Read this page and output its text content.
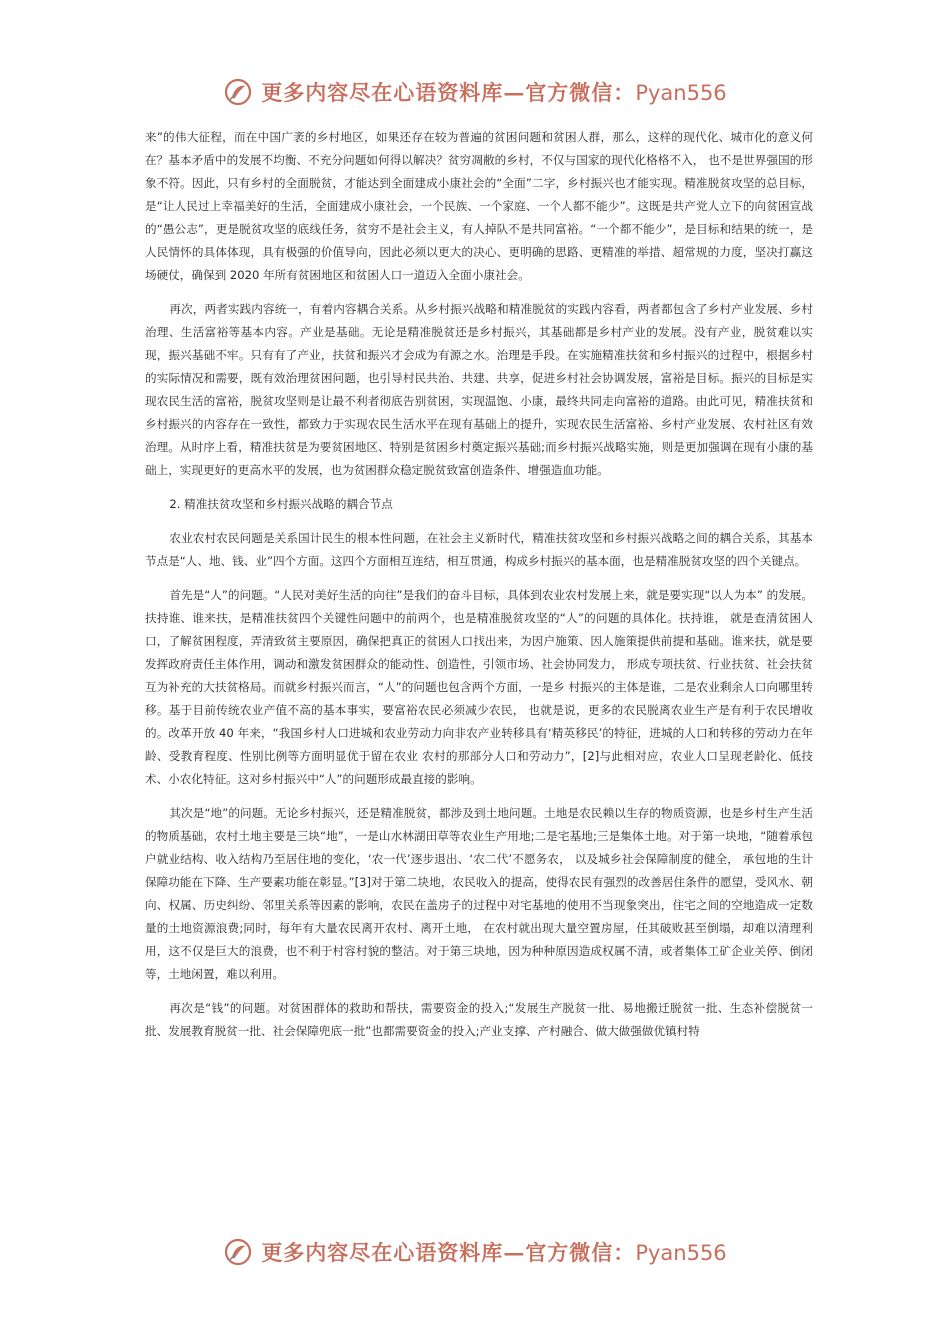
更多内容尽在心语资料库—官方微信：Pyan556

来”的伟大征程，而在中国广袤的乡村地区，如果还存在较为普遍的贫困问题和贫困人群，那么，这样的现代化、城市化的意义何在？基本矛盾中的发展不均衡、不充分问题如何得以解决？贫穷凋敝的乡村，不仅与国家的现代化格格不入， 也不是世界强国的形象不符。因此，只有乡村的全面脱贫，才能达到全面建成小康社会的“全面”二字，乡村振兴也才能实现。精准脱贫攻坚的总目标，是“让人民过上幸福美好的生活，全面建成小康社会，一个民族、一个家庭、一个人都不能少”。这既是共产党人立下的向贫困宣战的“愚公志”，更是脱贫攻坚的底线任务，贫穷不是社会主义，有人掉队不是共同富裕。“一个都不能少”，是目标和结果的统一，是人民情怀的具体体现，具有极强的价值导向，因此必须以更大的决心、更明确的思路、更精准的举措、超常规的力度，坚决打赢这场硬仗，确保到 2020 年所有贫困地区和贫困人口一道迈入全面小康社会。

再次，两者实践内容统一，有着内容耦合关系。从乡村振兴战略和精准脱贫的实践内容看，两者都包含了乡村产业发展、乡村治理、生活富裕等基本内容。产业是基础。无论是精准脱贫还是乡村振兴，其基础都是乡村产业的发展。没有产业，脱贫难以实现，振兴基础不牢。只有有了产业，扶贫和振兴才会成为有源之水。治理是手段。在实施精准扶贫和乡村振兴的过程中，根据乡村的实际情况和需要，既有效治理贫困问题，也引导村民共治、共建、共享，促进乡村社会协调发展，富裕是目标。振兴的目标是实现农民生活的富裕，脱贫攻坚则是让最不利者彻底告别贫困，实现温饱、小康，最终共同走向富裕的道路。由此可见，精准扶贫和乡村振兴的内容存在一致性，都致力于实现农民生活水平在现有基础上的提升，实现农民生活富裕、乡村产业发展、农村社区有效治理。从时序上看，精准扶贫是为要贫困地区、特别是贫困乡村奠定振兴基础;而乡村振兴战略实施，则是更加强调在现有小康的基础上，实现更好的更高水平的发展，也为贫困群众稳定脱贫致富创造条件、增强造血功能。

2. 精准扶贫攻坚和乡村振兴战略的耦合节点

农业农村农民问题是关系国计民生的根本性问题，在社会主义新时代，精准扶贫攻坚和乡村振兴战略之间的耦合关系，其基本节点是“人、地、钱、业”四个方面。这四个方面相互连结，相互贯通，构成乡村振兴的基本面，也是精准脱贫攻坚的四个关键点。

首先是“人”的问题。“人民对美好生活的向往”是我们的奋斗目标，具体到农业农村发展上来，就是要实现“以人为本” 的发展。扶持谁、谁来扶，是精准扶贫四个关键性问题中的前两个，也是精准脱贫攻坚的“人”的问题的具体化。扶持谁， 就是查清贫困人口，了解贫困程度，弄清致贫主要原因，确保把真正的贫困人口找出来，为因户施策、因人施策提供前提和基础。谁来扶，就是要发挥政府责任主体作用，调动和激发贫困群众的能动性、创造性，引领市场、社会协同发力， 形成专项扶贫、行业扶贫、社会扶贫互为补充的大扶贫格局。而就乡村振兴而言，“人”的问题也包含两个方面，一是乡 村振兴的主体是谁，二是农业剩余人口向哪里转移。基于目前传统农业产值不高的基本事实，要富裕农民必须减少农民， 也就是说，更多的农民脱离农业生产是有利于农民增收的。改革开放 40 年来，“我国乡村人口进城和农业劳动力向非农产业转移具有‘精英移民’的特征，进城的人口和转移的劳动力在年龄、受教育程度、性别比例等方面明显优于留在农业 农村的那部分人口和劳动力”，[2]与此相对应，农业人口呈现老龄化、低技术、小农化特征。这对乡村振兴中“人”的问题形成最直接的影响。

其次是“地”的问题。无论乡村振兴，还是精准脱贫，都涉及到土地问题。土地是农民赖以生存的物质资源，也是乡村生产生活的物质基础，农村土地主要是三块“地”，一是山水林湖田草等农业生产用地;二是宅基地;三是集体土地。对于第一块地，“随着承包户就业结构、收入结构乃至居住地的变化，‘农一代’逐步退出、‘农二代’不愿务农， 以及城乡社会保障制度的健全， 承包地的生计保障功能在下降、生产要素功能在彰显。”[3]对于第二块地，农民收入的提高，使得农民有强烈的改善居住条件的愿望，受风水、朝向、权属、历史纠纷、邻里关系等因素的影响，农民在盖房子的过程中对宅基地的使用不当现象突出，住宅之间的空地造成一定数量的土地资源浪费;同时，每年有大量农民离开农村、离开土地， 在农村就出现大量空置房屋，任其破败甚至倒塌，却难以清理利用，这不仅是巨大的浪费，也不利于村容村貌的整洁。对于第三块地，因为种种原因造成权属不清，或者集体工矿企业关停、倒闭等，土地闲置，难以利用。

再次是“钱”的问题。对贫困群体的救助和帮扶，需要资金的投入;“发展生产脱贫一批、易地搬迁脱贫一批、生态补偿脱贫一批、发展教育脱贫一批、社会保障兜底一批”也都需要资金的投入;产业支撑、产村融合、做大做强做优镇村特

更多内容尽在心语资料库—官方微信：Pyan556
